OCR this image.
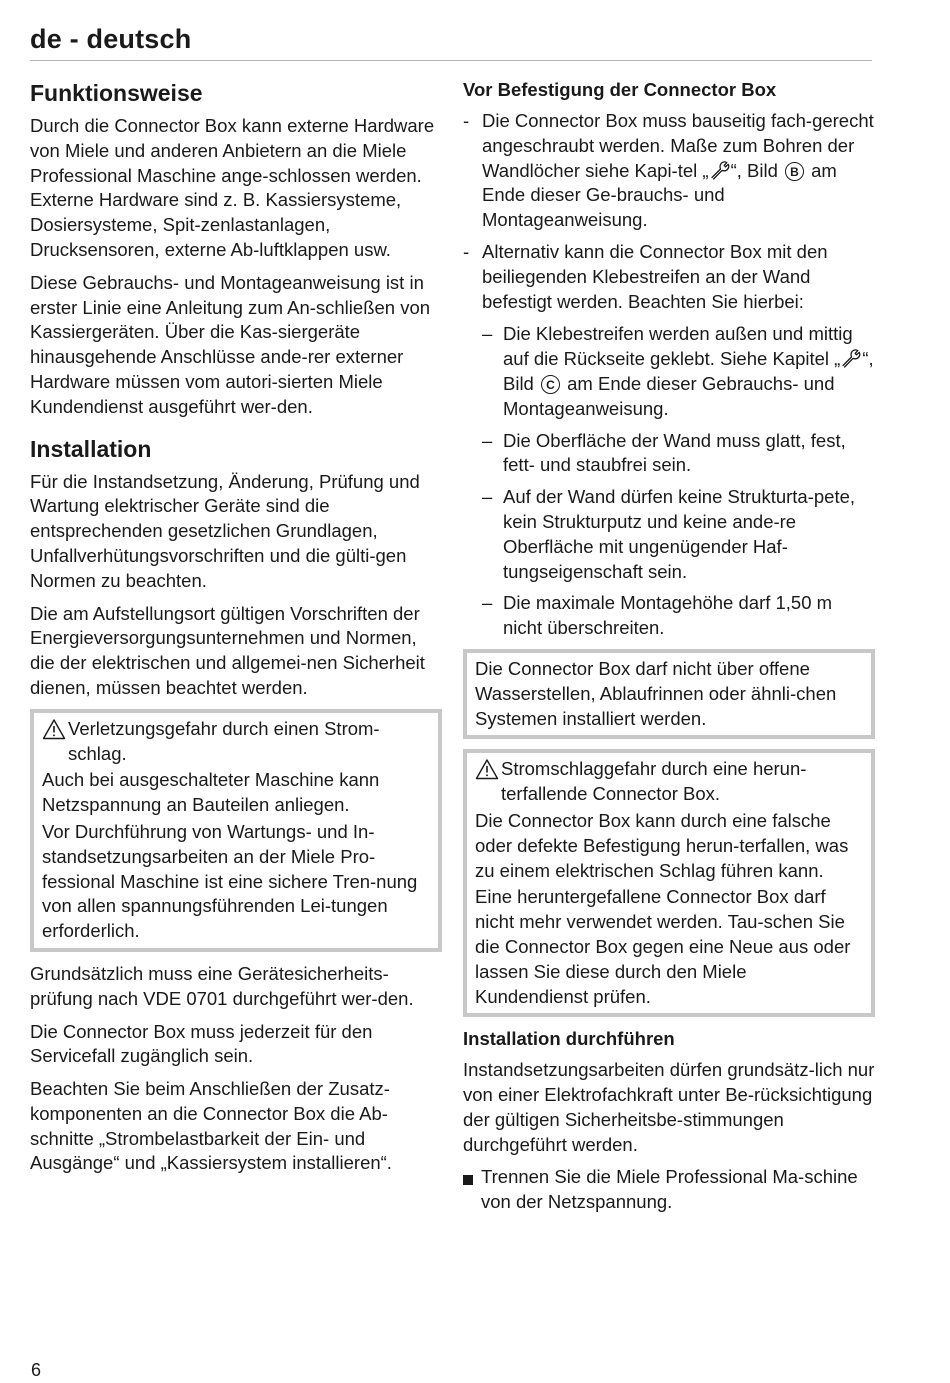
de - deutsch
Funktionsweise

Durch die Connector Box kann externe Hardware von Miele und anderen Anbietern an die Miele Professional Maschine ange-schlossen werden. Externe Hardware sind z. B. Kassiersysteme, Dosiersysteme, Spit-zenlastanlagen, Drucksensoren, externe Ab-luftklappen usw.

Diese Gebrauchs- und Montageanweisung ist in erster Linie eine Anleitung zum An-schließen von Kassiergeräten. Über die Kas-siergeräte hinausgehende Anschlüsse ande-rer externer Hardware müssen vom autori-sierten Miele Kundendienst ausgeführt wer-den.

Installation

Für die Instandsetzung, Änderung, Prüfung und Wartung elektrischer Geräte sind die entsprechenden gesetzlichen Grundlagen, Unfallverhütungsvorschriften und die gülti-gen Normen zu beachten.

Die am Aufstellungsort gültigen Vorschriften der Energieversorgungsunternehmen und Normen, die der elektrischen und allgemei-nen Sicherheit dienen, müssen beachtet werden.

Verletzungsgefahr durch einen Strom-schlag.

Auch bei ausgeschalteter Maschine kann Netzspannung an Bauteilen anliegen.

Vor Durchführung von Wartungs- und In-standsetzungsarbeiten an der Miele Pro-fessional Maschine ist eine sichere Tren-nung von allen spannungsführenden Lei-tungen erforderlich.

Grundsätzlich muss eine Gerätesicherheits-prüfung nach VDE 0701 durchgeführt wer-den.

Die Connector Box muss jederzeit für den Servicefall zugänglich sein.

Beachten Sie beim Anschließen der Zusatz-komponenten an die Connector Box die Ab-schnitte „Strombelastbarkeit der Ein- und Ausgänge“ und „Kassiersystem installieren“.

Vor Befestigung der Connector Box
- Die Connector Box muss bauseitig fach-gerecht angeschraubt werden. Maße zum Bohren der Wandlöcher siehe Kapi-tel „ “, Bild B am Ende dieser Ge-brauchs- und Montageanweisung.
- Alternativ kann die Connector Box mit den beiliegenden Klebestreifen an der Wand befestigt werden. Beachten Sie hierbei:
– Die Klebestreifen werden außen und mittig auf die Rückseite geklebt. Siehe Kapitel „ “, Bild C am Ende dieser Gebrauchs- und Montageanweisung.
– Die Oberfläche der Wand muss glatt, fest, fett- und staubfrei sein.
– Auf der Wand dürfen keine Strukturta-pete, kein Strukturputz und keine ande-re Oberfläche mit ungenügender Haf-tungseigenschaft sein.
– Die maximale Montagehöhe darf 1,50 m nicht überschreiten.

Die Connector Box darf nicht über offene Wasserstellen, Ablaufrinnen oder ähnli-chen Systemen installiert werden.

Stromschlaggefahr durch eine herun-terfallende Connector Box.

Die Connector Box kann durch eine falsche oder defekte Befestigung herun-terfallen, was zu einem elektrischen Schlag führen kann.

Eine heruntergefallene Connector Box darf nicht mehr verwendet werden. Tau-schen Sie die Connector Box gegen eine Neue aus oder lassen Sie diese durch den Miele Kundendienst prüfen.

Installation durchführen

Instandsetzungsarbeiten dürfen grundsätz-lich nur von einer Elektrofachkraft unter Be-rücksichtigung der gültigen Sicherheitsbe-stimmungen durchgeführt werden.

Trennen Sie die Miele Professional Ma-schine von der Netzspannung.
6
